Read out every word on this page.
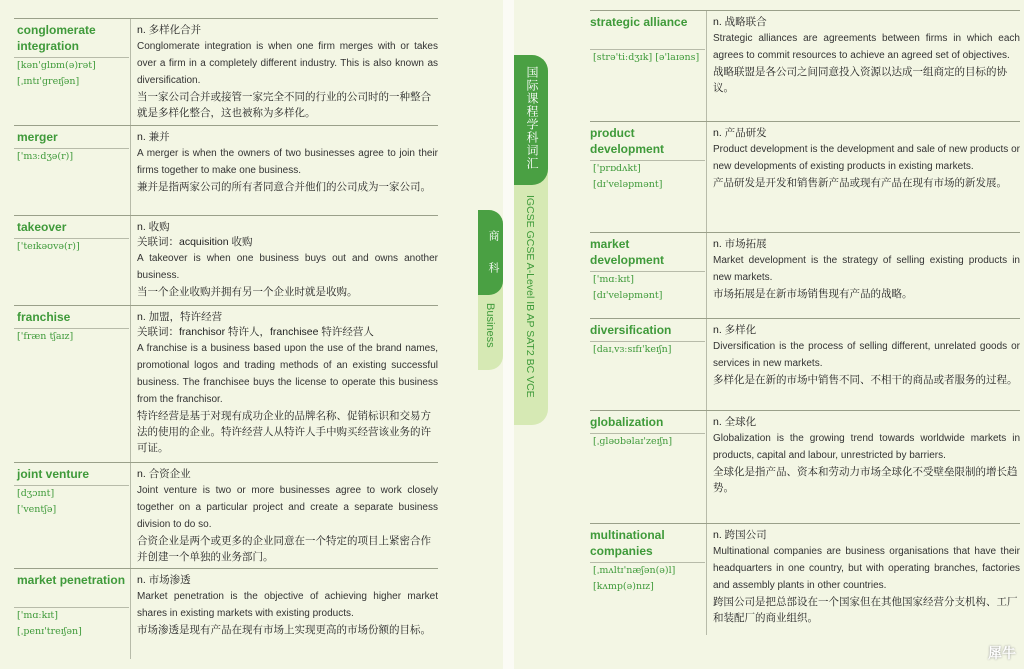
conglomerate integration
[kən'glɒm(ə)rət]
[ˌɪntɪ'greɪʃən]
n. 多样化合并
Conglomerate integration is when one firm merges with or takes over a firm in a completely different industry. This is also known as diversification.
当一家公司合并或接管一家完全不同的行业的公司时的一种整合就是多样化整合，这也被称为多样化。
merger
['mɜːdʒə(r)]
n. 兼并
A merger is when the owners of two businesses agree to join their firms together to make one business.
兼并是指两家公司的所有者同意合并他们的公司成为一家公司。
takeover
['teɪkəʊvə(r)]
n. 收购
关联词：acquisition 收购
A takeover is when one business buys out and owns another business.
当一个企业收购并拥有另一个企业时就是收购。
franchise
['fræn tʃaɪz]
n. 加盟，特许经营
关联词：franchisor 特许人，franchisee 特许经营人
A franchise is a business based upon the use of the brand names, promotional logos and trading methods of an existing successful business. The franchisee buys the license to operate this business from the franchisor.
特许经营是基于对现有成功企业的品牌名称、促销标识和交易方法的使用的企业。特许经营人从特许人手中购买经营该业务的许可证。
joint venture
[dʒɔɪnt]
['ventʃə]
n. 合资企业
Joint venture is two or more businesses agree to work closely together on a particular project and create a separate business division to do so.
合资企业是两个或更多的企业同意在一个特定的项目上紧密合作并创建一个单独的业务部门。
market penetration
['mɑːkɪt]
[ˌpenɪ'treɪʃən]
n. 市场渗透
Market penetration is the objective of achieving higher market shares in existing markets with existing products.
市场渗透是现有产品在现有市场上实现更高的市场份额的目标。
strategic alliance
[strə'tiːdʒɪk] [ə'laɪəns]
n. 战略联合
Strategic alliances are agreements between firms in which each agrees to commit resources to achieve an agreed set of objectives.
战略联盟是各公司之间同意投入资源以达成一组商定的目标的协议。
product development
['prɒdʌkt]
[dɪ'veləpmənt]
n. 产品研发
Product development is the development and sale of new products or new developments of existing products in existing markets.
产品研发是开发和销售新产品或现有产品在现有市场的新发展。
market development
['mɑːkɪt]
[dɪ'veləpmənt]
n. 市场拓展
Market development is the strategy of selling existing products in new markets.
市场拓展是在新市场销售现有产品的战略。
diversification
[daɪˌvɜːsɪfɪ'keɪʃn]
n. 多样化
Diversification is the process of selling different, unrelated goods or services in new markets.
多样化是在新的市场中销售不同、不相干的商品或者服务的过程。
globalization
[ˌɡləʊbəlaɪ'zeɪʃn]
n. 全球化
Globalization is the growing trend towards worldwide markets in products, capital and labour, unrestricted by barriers.
全球化是指产品、资本和劳动力市场全球化不受壁垒限制的增长趋势。
multinational companies
[ˌmʌltɪ'næʃən(ə)l]
[kʌmp(ə)nɪz]
n. 跨国公司
Multinational companies are business organisations that have their headquarters in one country, but with operating branches, factories and assembly plants in other countries.
跨国公司是把总部设在一个国家但在其他国家经营分支机构、工厂和装配厂的商业组织。
商
科
Business
国际课程学科词汇
IGCSE GCSE A-Level IB AP SAT2 BC VCE
犀牛
